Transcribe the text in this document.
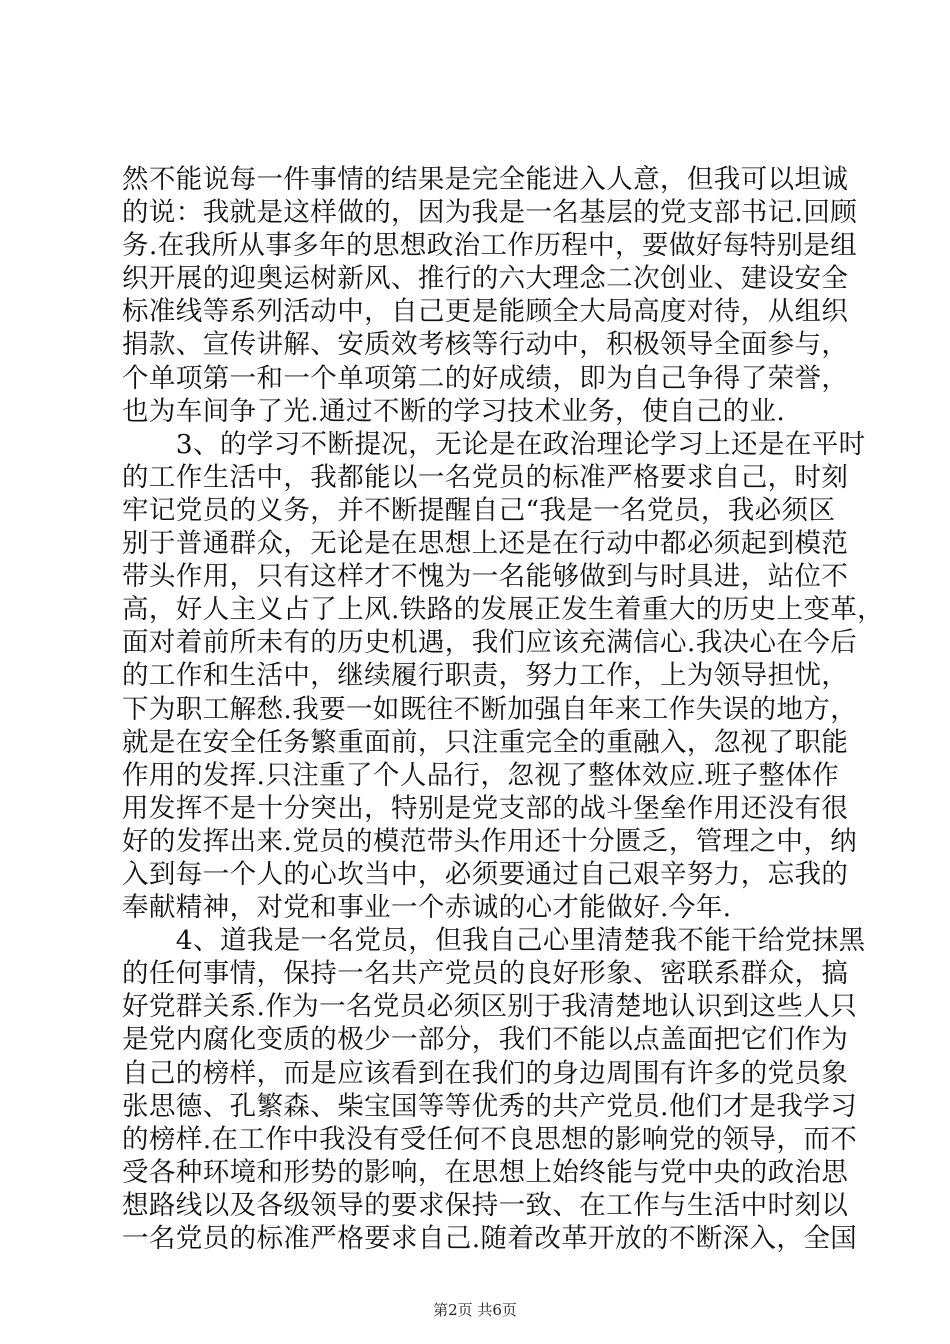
然不能说每一件事情的结果是完全能进入人意，但我可以坦诚
的说：我就是这样做的，因为我是一名基层的党支部书记.回顾
务.在我所从事多年的思想政治工作历程中，要做好每特别是组
织开展的迎奥运树新风、推行的六大理念二次创业、建设安全
标准线等系列活动中，自己更是能顾全大局高度对待，从组织
捐款、宣传讲解、安质效考核等行动中，积极领导全面参与，
个单项第一和一个单项第二的好成绩，即为自己争得了荣誉，
也为车间争了光.通过不断的学习技术业务，使自己的业.
　　3、的学习不断提况，无论是在政治理论学习上还是在平时
的工作生活中，我都能以一名党员的标准严格要求自己，时刻
牢记党员的义务，并不断提醒自己“我是一名党员，我必须区
别于普通群众，无论是在思想上还是在行动中都必须起到模范
带头作用，只有这样才不愧为一名能够做到与时具进，站位不
高，好人主义占了上风.铁路的发展正发生着重大的历史上变革，
面对着前所未有的历史机遇，我们应该充满信心.我决心在今后
的工作和生活中，继续履行职责，努力工作，上为领导担忧，
下为职工解愁.我要一如既往不断加强自年来工作失误的地方，
就是在安全任务繁重面前，只注重完全的重融入，忽视了职能
作用的发挥.只注重了个人品行，忽视了整体效应.班子整体作
用发挥不是十分突出，特别是党支部的战斗堡垒作用还没有很
好的发挥出来.党员的模范带头作用还十分匮乏，管理之中，纳
入到每一个人的心坎当中，必须要通过自己艰辛努力，忘我的
奉献精神，对党和事业一个赤诚的心才能做好.今年.
　　4、道我是一名党员，但我自己心里清楚我不能干给党抹黑
的任何事情，保持一名共产党员的良好形象、密联系群众，搞
好党群关系.作为一名党员必须区别于我清楚地认识到这些人只
是党内腐化变质的极少一部分，我们不能以点盖面把它们作为
自己的榜样，而是应该看到在我们的身边周围有许多的党员象
张思德、孔繁森、柴宝国等等优秀的共产党员.他们才是我学习
的榜样.在工作中我没有受任何不良思想的影响党的领导，而不
受各种环境和形势的影响，在思想上始终能与党中央的政治思
想路线以及各级领导的要求保持一致、在工作与生活中时刻以
一名党员的标准严格要求自己.随着改革开放的不断深入，全国
第2页 共6页
